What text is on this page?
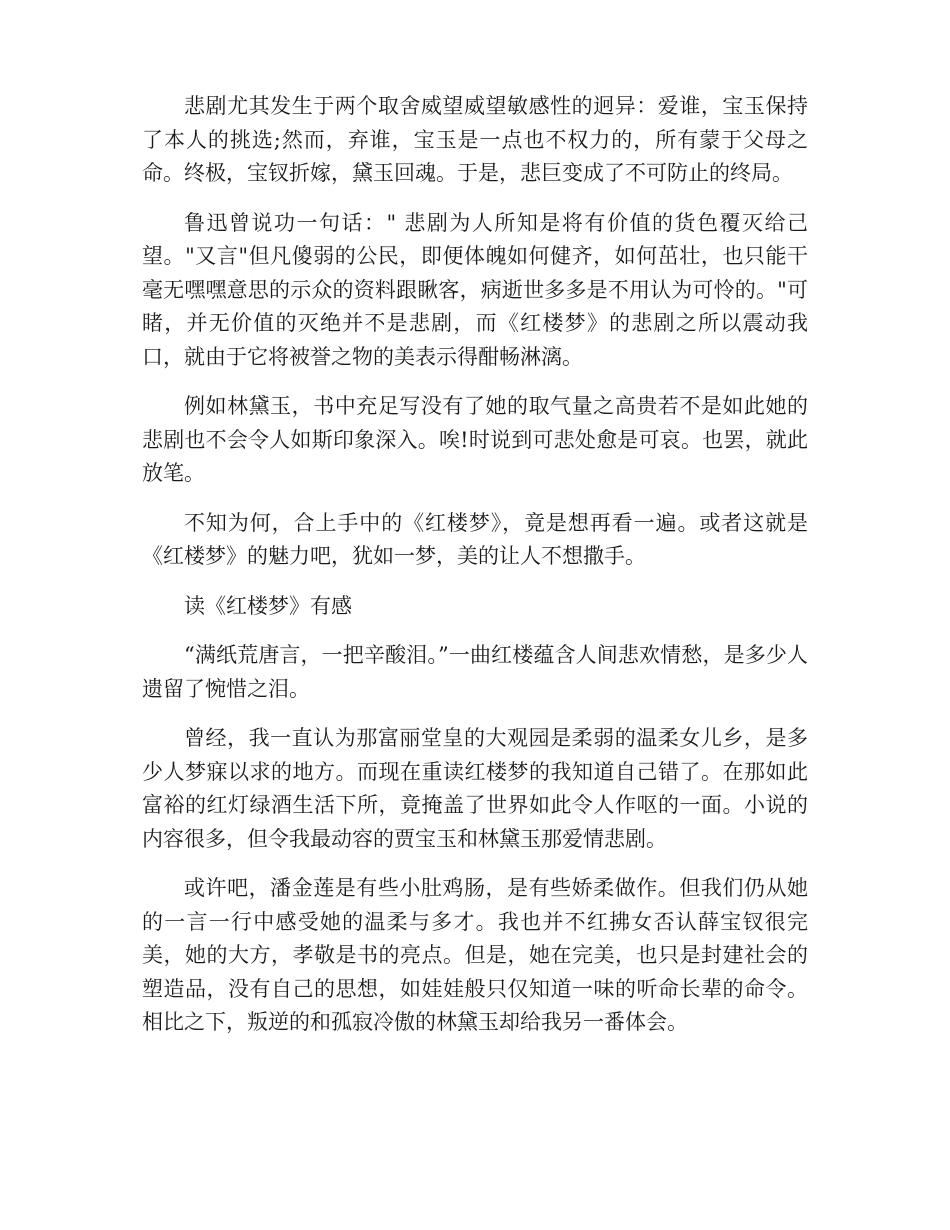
悲剧尤其发生于两个取舍威望威望敏感性的迥异：爱谁，宝玉保持了本人的挑选;然而，弃谁，宝玉是一点也不权力的，所有蒙于父母之命。终极，宝钗折嫁，黛玉回魂。于是，悲巨变成了不可防止的终局。

鲁迅曾说功一句话：" 悲剧为人所知是将有价值的货色覆灭给己望。"又言"但凡傻弱的公民，即便体魄如何健齐，如何茁壮，也只能干毫无嘿嘿意思的示众的资料跟瞅客，病逝世多多是不用认为可怜的。"可睹，并无价值的灭绝并不是悲剧，而《红楼梦》的悲剧之所以震动我口，就由于它将被誉之物的美表示得酣畅淋漓。

例如林黛玉，书中充足写没有了她的取气量之高贵若不是如此她的悲剧也不会令人如斯印象深入。唉!时说到可悲处愈是可哀。也罢，就此放笔。

不知为何，合上手中的《红楼梦》，竟是想再看一遍。或者这就是《红楼梦》的魅力吧，犹如一梦，美的让人不想撒手。

读《红楼梦》有感

“满纸荒唐言，一把辛酸泪。”一曲红楼蕴含人间悲欢情愁，是多少人遗留了惋惜之泪。

曾经，我一直认为那富丽堂皇的大观园是柔弱的温柔女儿乡，是多少人梦寐以求的地方。而现在重读红楼梦的我知道自己错了。在那如此富裕的红灯绿酒生活下所，竟掩盖了世界如此令人作呕的一面。小说的内容很多，但令我最动容的贾宝玉和林黛玉那爱情悲剧。

或许吧，潘金莲是有些小肚鸡肠，是有些娇柔做作。但我们仍从她的一言一行中感受她的温柔与多才。我也并不红拂女否认薛宝钗很完美，她的大方，孝敬是书的亮点。但是，她在完美，也只是封建社会的塑造品，没有自己的思想，如娃娃般只仅知道一味的听命长辈的命令。相比之下，叛逆的和孤寂冷傲的林黛玉却给我另一番体会。
